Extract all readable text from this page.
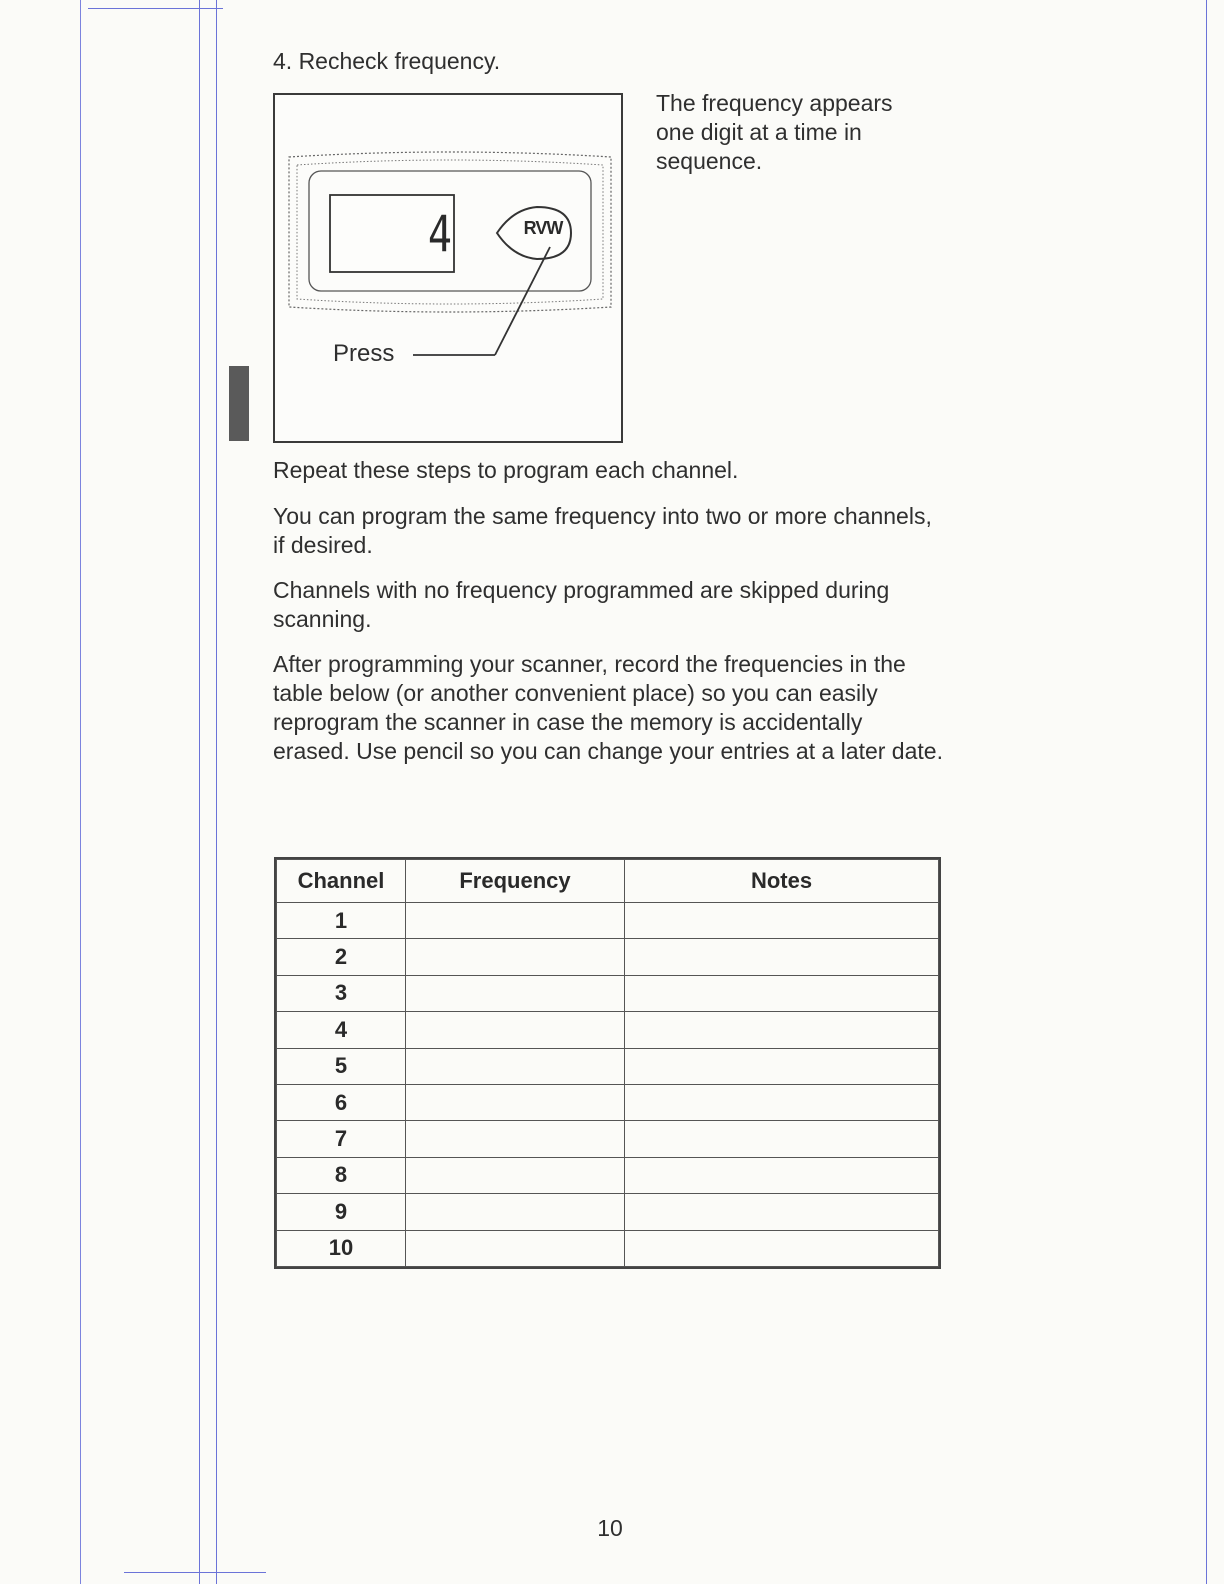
4. Recheck frequency.
4	RVW
Press
The frequency appears one digit at a time in sequence.
Repeat these steps to program each channel.
You can program the same frequency into two or more channels, if desired.
Channels with no frequency programmed are skipped during scanning.
After programming your scanner, record the frequencies in the table below (or another convenient place) so you can easily reprogram the scanner in case the memory is accidentally erased. Use pencil so you can change your entries at a later date.
Channel	Frequency	Notes
1		
2		
3		
4		
5		
6		
7		
8		
9		
10		
10
